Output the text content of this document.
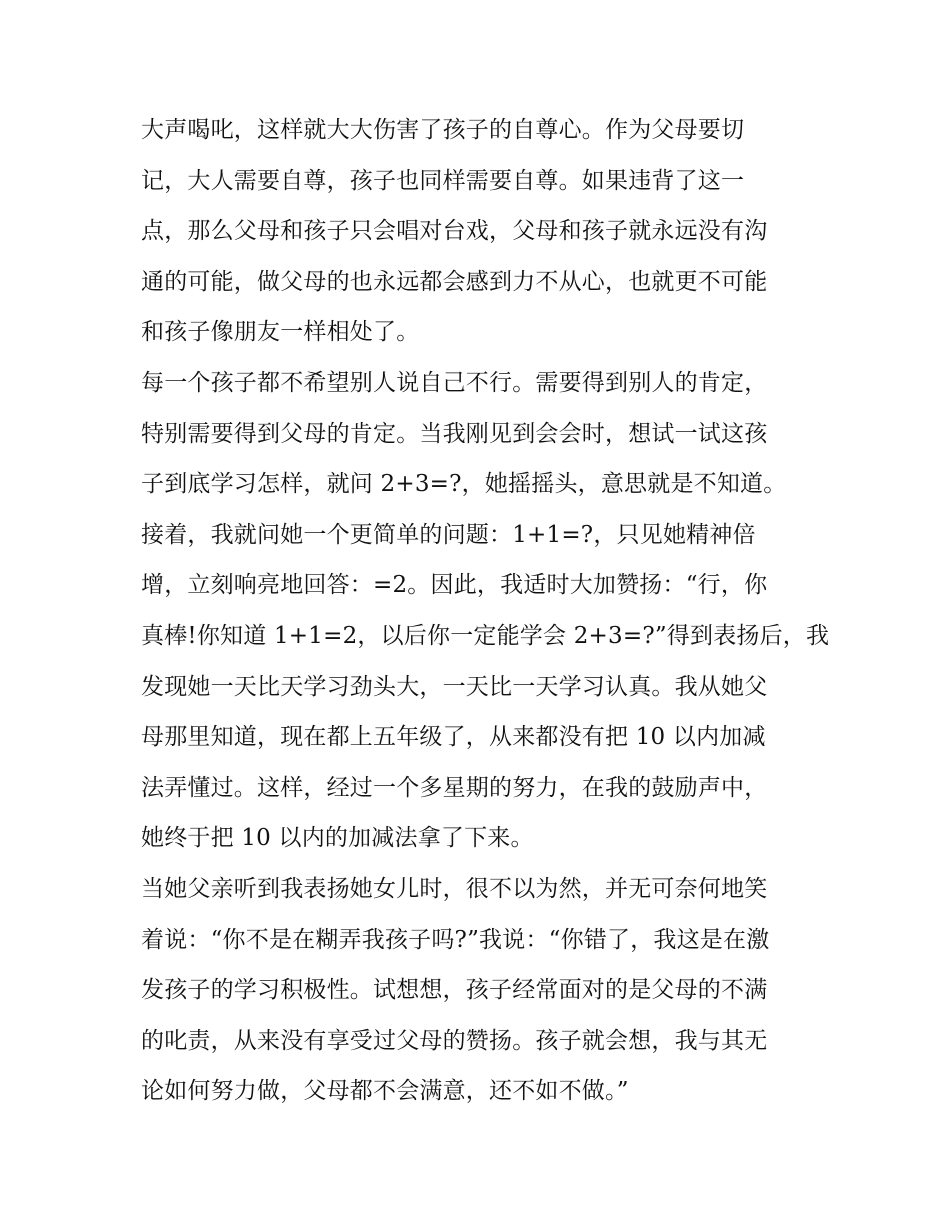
大声喝叱，这样就大大伤害了孩子的自尊心。作为父母要切
记，大人需要自尊，孩子也同样需要自尊。如果违背了这一
点，那么父母和孩子只会唱对台戏，父母和孩子就永远没有沟
通的可能，做父母的也永远都会感到力不从心，也就更不可能
和孩子像朋友一样相处了。
每一个孩子都不希望别人说自己不行。需要得到别人的肯定，
特别需要得到父母的肯定。当我刚见到会会时，想试一试这孩
子到底学习怎样，就问 2+3=?，她摇摇头，意思就是不知道。
接着，我就问她一个更简单的问题：1+1=?，只见她精神倍
增，立刻响亮地回答：=2。因此，我适时大加赞扬：“行，你
真棒!你知道 1+1=2，以后你一定能学会 2+3=?”得到表扬后，我
发现她一天比天学习劲头大，一天比一天学习认真。我从她父
母那里知道，现在都上五年级了，从来都没有把 10 以内加减
法弄懂过。这样，经过一个多星期的努力，在我的鼓励声中，
她终于把 10 以内的加减法拿了下来。
当她父亲听到我表扬她女儿时，很不以为然，并无可奈何地笑
着说：“你不是在糊弄我孩子吗?”我说：“你错了，我这是在激
发孩子的学习积极性。试想想，孩子经常面对的是父母的不满
的叱责，从来没有享受过父母的赞扬。孩子就会想，我与其无
论如何努力做，父母都不会满意，还不如不做。”
